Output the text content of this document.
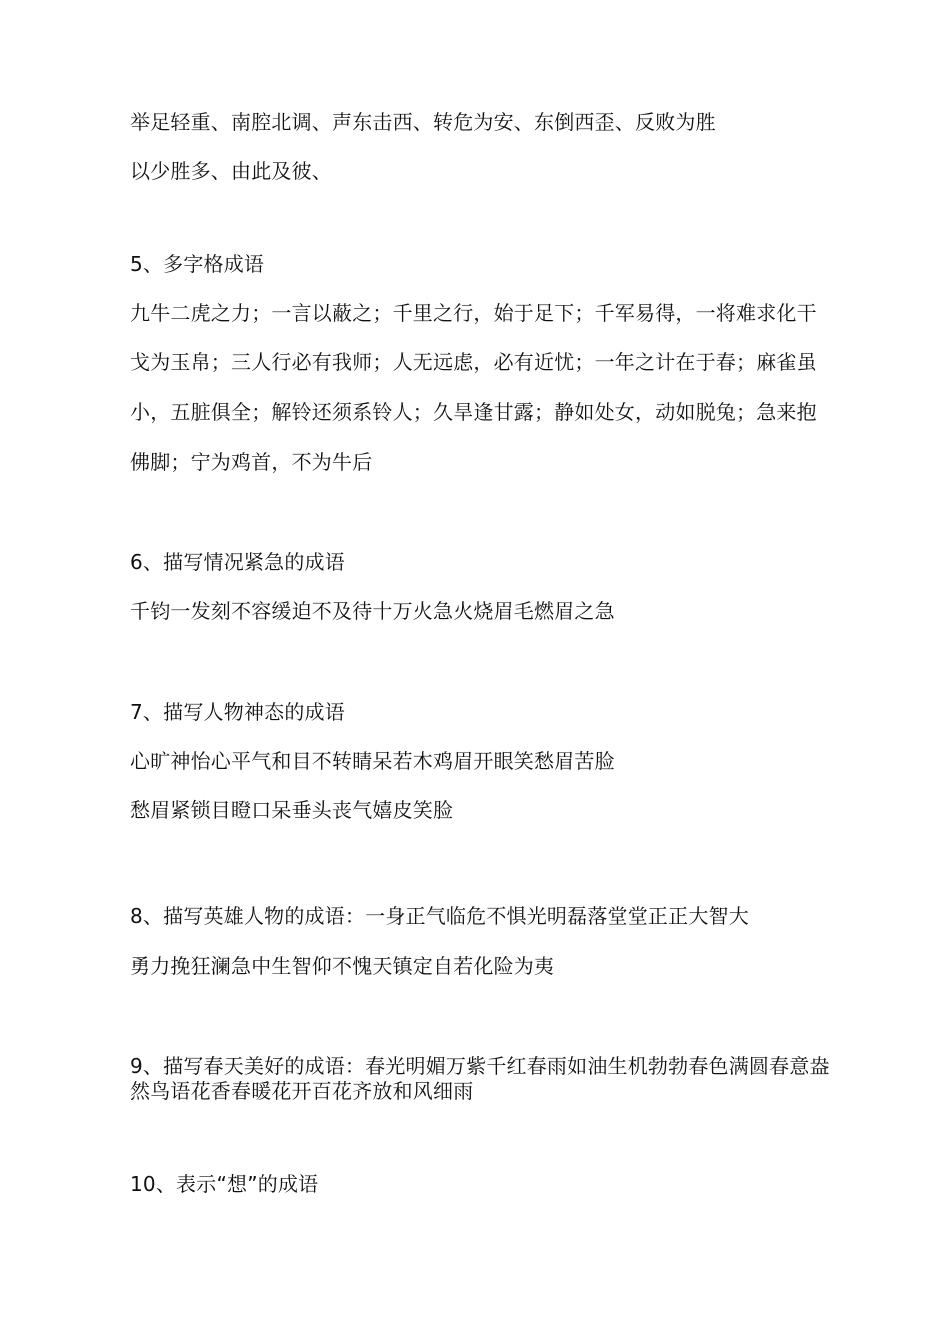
举足轻重、南腔北调、声东击西、转危为安、东倒西歪、反败为胜
以少胜多、由此及彼、
5、多字格成语
九牛二虎之力；一言以蔽之；千里之行，始于足下；千军易得，一将难求化干
戈为玉帛；三人行必有我师；人无远虑，必有近忧；一年之计在于春；麻雀虽
小，五脏俱全；解铃还须系铃人；久旱逢甘露；静如处女，动如脱兔；急来抱
佛脚；宁为鸡首，不为牛后
6、描写情况紧急的成语
千钧一发刻不容缓迫不及待十万火急火烧眉毛燃眉之急
7、描写人物神态的成语
心旷神怡心平气和目不转睛呆若木鸡眉开眼笑愁眉苦脸
愁眉紧锁目瞪口呆垂头丧气嬉皮笑脸
8、描写英雄人物的成语：一身正气临危不惧光明磊落堂堂正正大智大
勇力挽狂澜急中生智仰不愧天镇定自若化险为夷
9、描写春天美好的成语：春光明媚万紫千红春雨如油生机勃勃春色满圆春意盎
然鸟语花香春暖花开百花齐放和风细雨
10、表示“想”的成语
